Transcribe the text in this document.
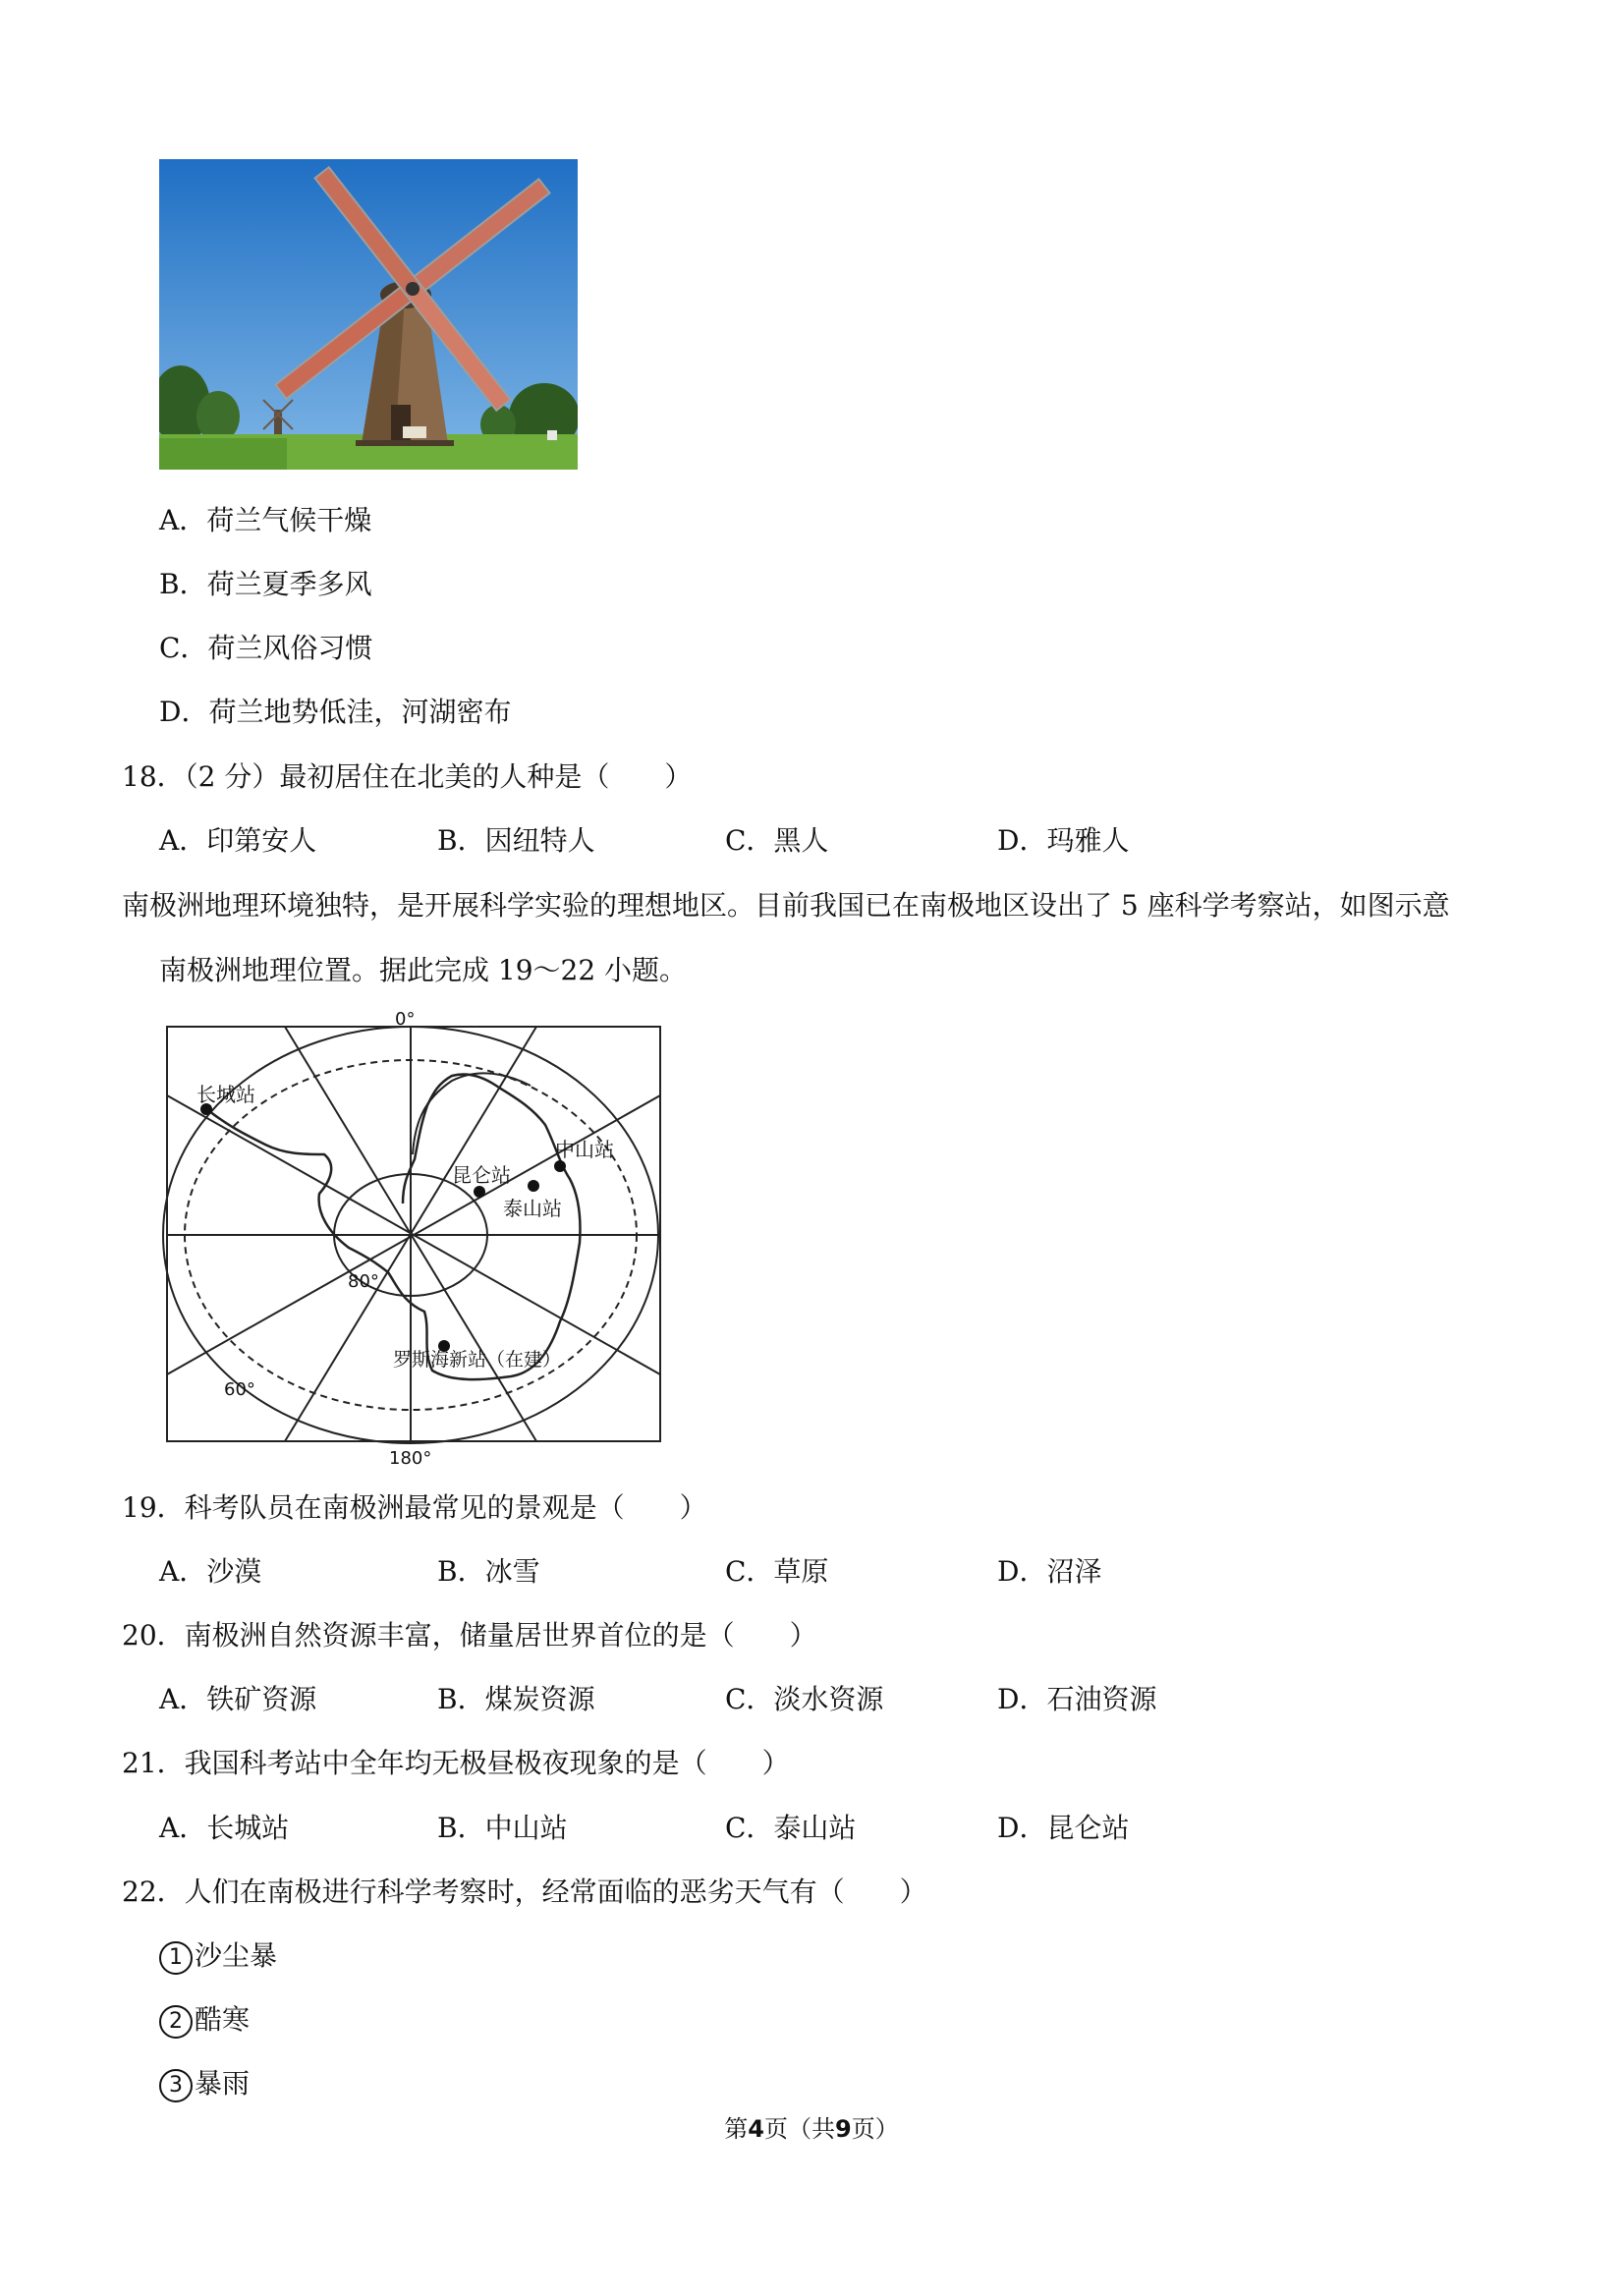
A．荷兰气候干燥
B．荷兰夏季多风
C．荷兰风俗习惯
D．荷兰地势低洼，河湖密布
18．（2 分）最初居住在北美的人种是（　　）
A．印第安人	B．因纽特人	C．黑人	D．玛雅人
南极洲地理环境独特，是开展科学实验的理想地区。目前我国已在南极地区设出了 5 座科学考察站，如图示意
南极洲地理位置。据此完成 19～22 小题。
0°
180°
80°
60°
长城站
中山站
昆仑站
泰山站
罗斯海新站（在建）
19．科考队员在南极洲最常见的景观是（　　）
A．沙漠	B．冰雪	C．草原	D．沼泽
20．南极洲自然资源丰富，储量居世界首位的是（　　）
A．铁矿资源	B．煤炭资源	C．淡水资源	D．石油资源
21．我国科考站中全年均无极昼极夜现象的是（　　）
A．长城站	B．中山站	C．泰山站	D．昆仑站
22．人们在南极进行科学考察时，经常面临的恶劣天气有（　　）
1 沙尘暴
2 酷寒
3 暴雨
第4页（共9页）
